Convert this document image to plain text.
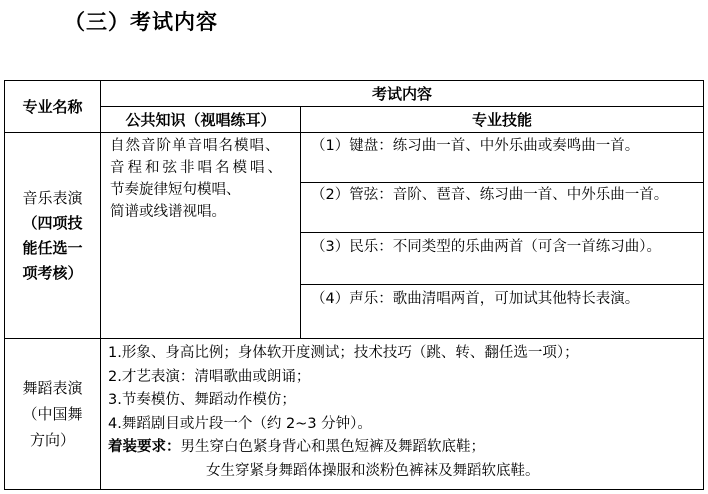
（三）考试内容
专业名称
考试内容
公共知识（视唱练耳）	专业技能
音乐表演
（四项技
能任选一
项考核）
自然音阶单音唱名模唱、
音程和弦非唱名模唱、
节奏旋律短句模唱、
简谱或线谱视唱。
（1）键盘：练习曲一首、中外乐曲或奏鸣曲一首。
（2）管弦：音阶、琶音、练习曲一首、中外乐曲一首。
（3）民乐：不同类型的乐曲两首（可含一首练习曲）。
（4）声乐：歌曲清唱两首，可加试其他特长表演。
舞蹈表演
（中国舞
方向）
1.形象、身高比例；身体软开度测试；技术技巧（跳、转、翻任选一项）；
2.才艺表演：清唱歌曲或朗诵；
3.节奏模仿、舞蹈动作模仿；
4.舞蹈剧目或片段一个（约 2~3 分钟）。
着装要求：男生穿白色紧身背心和黑色短裤及舞蹈软底鞋；
女生穿紧身舞蹈体操服和淡粉色裤袜及舞蹈软底鞋。
